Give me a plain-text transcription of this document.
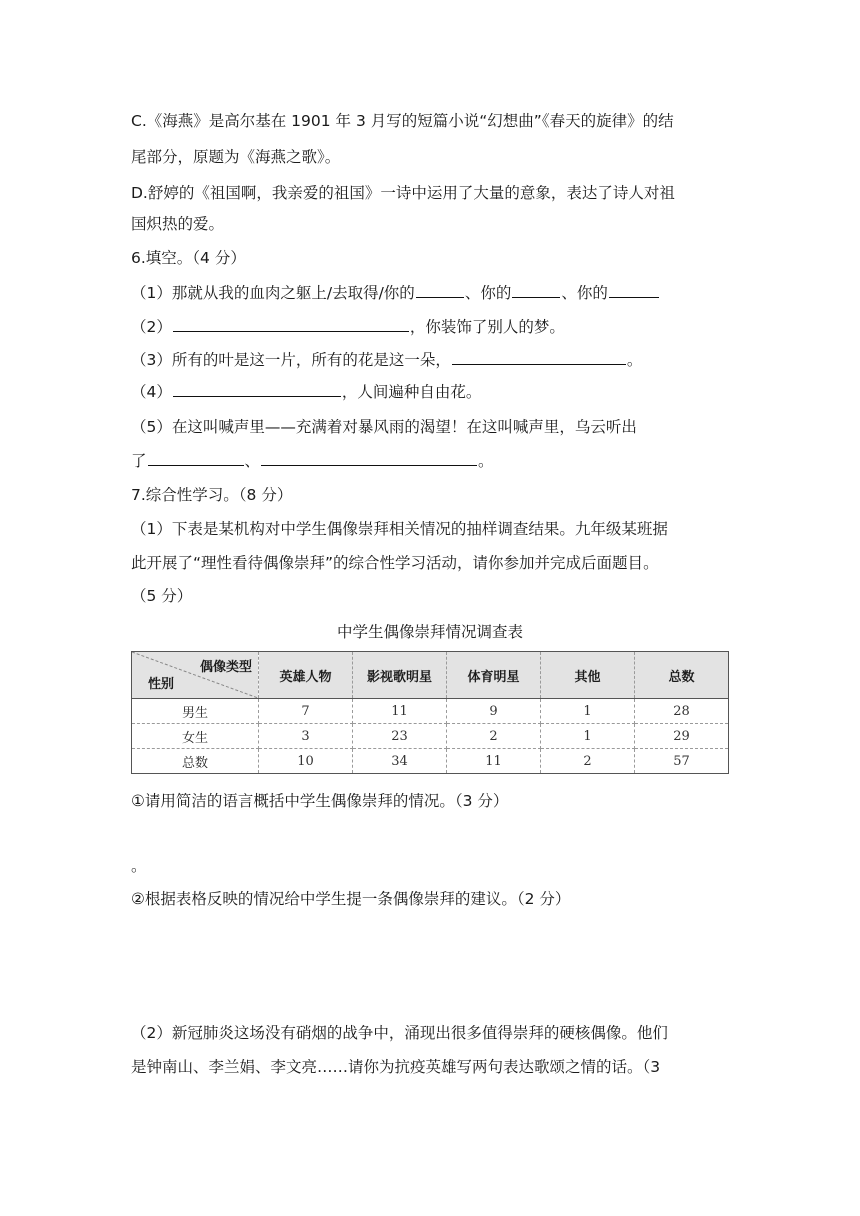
C.《海燕》是高尔基在 1901 年 3 月写的短篇小说“幻想曲”《春天的旋律》的结
尾部分，原题为《海燕之歌》。
D.舒婷的《祖国啊，我亲爱的祖国》一诗中运用了大量的意象，表达了诗人对祖
国炽热的爱。
6.填空。（4 分）
（1）那就从我的血肉之躯上/去取得/你的	、你的	、你的
（2）	，你装饰了别人的梦。
（3）所有的叶是这一片，所有的花是这一朵，	。
（4）	，人间遍种自由花。
（5）在这叫喊声里——充满着对暴风雨的渴望！在这叫喊声里，乌云听出
了	、	。
7.综合性学习。（8 分）
（1）下表是某机构对中学生偶像崇拜相关情况的抽样调查结果。九年级某班据
此开展了“理性看待偶像崇拜”的综合性学习活动，请你参加并完成后面题目。
（5 分）
中学生偶像崇拜情况调查表
偶像类型
性别	英雄人物	影视歌明星	体育明星	其他	总数
男生	7	11	9	1	28
女生	3	23	2	1	29
总数	10	34	11	2	57
①请用简洁的语言概括中学生偶像崇拜的情况。（3 分）
。
②根据表格反映的情况给中学生提一条偶像崇拜的建议。（2 分）
（2）新冠肺炎这场没有硝烟的战争中，涌现出很多值得崇拜的硬核偶像。他们
是钟南山、李兰娟、李文亮……请你为抗疫英雄写两句表达歌颂之情的话。（3
